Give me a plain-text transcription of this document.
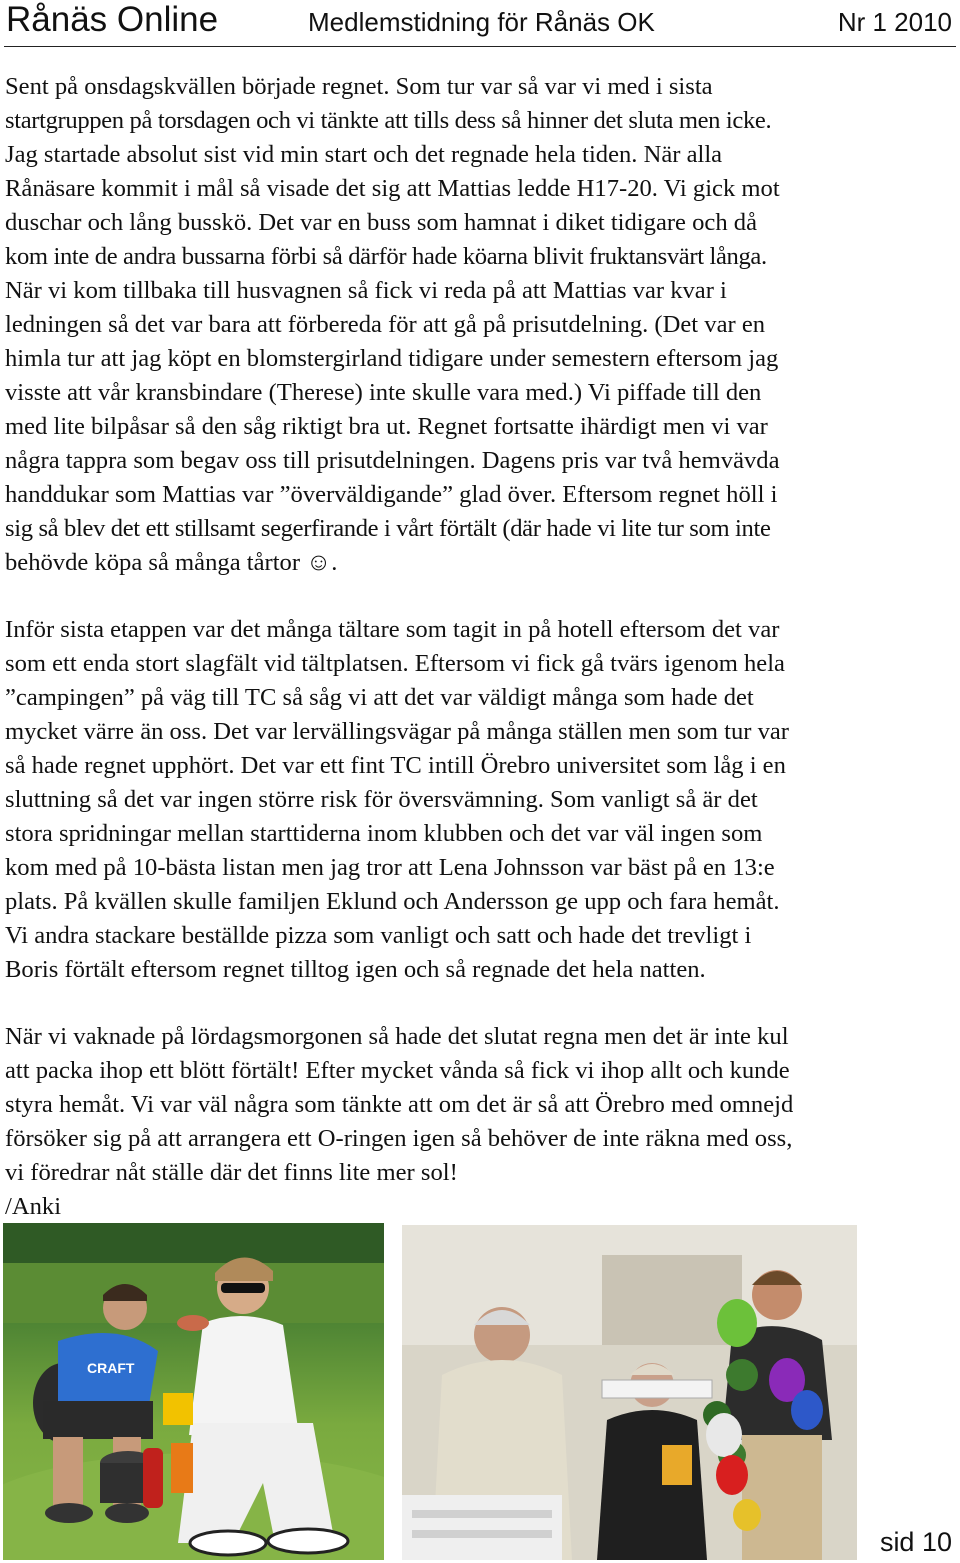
Rånäs Online	Medlemstidning för Rånäs OK	Nr 1 2010
Sent på onsdagskvällen började regnet. Som tur var så var vi med i sista
startgruppen på torsdagen och vi tänkte att tills dess så hinner det sluta men icke.
Jag startade absolut sist vid min start och det regnade hela tiden. När alla
Rånäsare kommit i mål så visade det sig att Mattias ledde H17-20. Vi gick mot
duschar och lång busskö. Det var en buss som hamnat i diket tidigare och då
kom inte de andra bussarna förbi så därför hade köarna blivit fruktansvärt långa.
När vi kom tillbaka till husvagnen så fick vi reda på att Mattias var kvar i
ledningen så det var bara att förbereda för att gå på prisutdelning. (Det var en
himla tur att jag köpt en blomstergirland tidigare under semestern eftersom jag
visste att vår kransbindare (Therese) inte skulle vara med.) Vi piffade till den
med lite bilpåsar så den såg riktigt bra ut. Regnet fortsatte ihärdigt men vi var
några tappra som begav oss till prisutdelningen. Dagens pris var två hemvävda
handdukar som Mattias var ”överväldigande” glad över. Eftersom regnet höll i
sig så blev det ett stillsamt segerfirande i vårt förtält (där hade vi lite tur som inte
behövde köpa så många tårtor ☺.
Inför sista etappen var det många tältare som tagit in på hotell eftersom det var
som ett enda stort slagfält vid tältplatsen. Eftersom vi fick gå tvärs igenom hela
”campingen” på väg till TC så såg vi att det var väldigt många som hade det
mycket värre än oss. Det var lervällingsvägar på många ställen men som tur var
så hade regnet upphört. Det var ett fint TC intill Örebro universitet som låg i en
sluttning så det var ingen större risk för översvämning. Som vanligt så är det
stora spridningar mellan starttiderna inom klubben och det var väl ingen som
kom med på 10-bästa listan men jag tror att Lena Johnsson var bäst på en 13:e
plats. På kvällen skulle familjen Eklund och Andersson ge upp och fara hemåt.
Vi andra stackare beställde pizza som vanligt och satt och hade det trevligt i
Boris förtält eftersom regnet tilltog igen och så regnade det hela natten.
När vi vaknade på lördagsmorgonen så hade det slutat regna men det är inte kul
att packa ihop ett blött förtält! Efter mycket vånda så fick vi ihop allt och kunde
styra hemåt. Vi var väl några som tänkte att om det är så att Örebro med omnejd
försöker sig på att arrangera ett O-ringen igen så behöver de inte räkna med oss,
vi föredrar nåt ställe där det finns lite mer sol!
/Anki
CRAFT
sid 10
